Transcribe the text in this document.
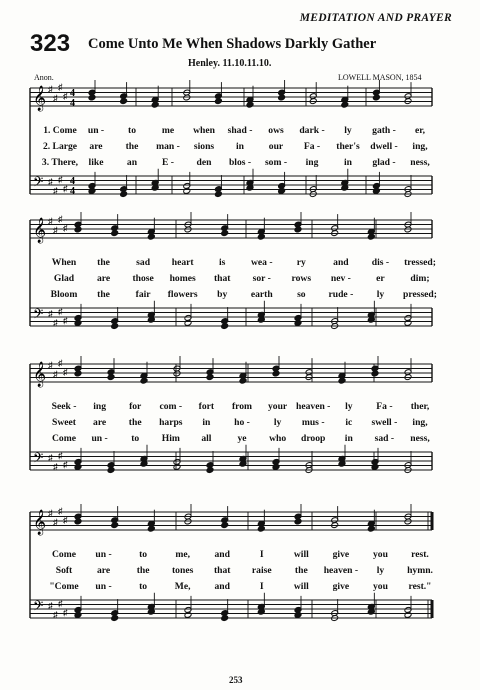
MEDITATION AND PRAYER
323 Come Unto Me When Shadows Darkly Gather
Henley. 11.10.11.10.
Anon.	LOWELL MASON, 1854
𝄞
𝄢
♯
♯
♯
♯
♯
♯
♯
♯
4
4
4
4
1. Come un - to	me when shad - ows dark - ly gath - er,
2. Large are the man - sions in	our Fa - ther's dwell - ing,
3. There, like an	E - den blos - som - ing	in glad - ness,
𝄞
𝄢
♯
♯
♯
♯
♯
♯
♯
♯
When the	sad heart	is	wea -	ry	and dis - tressed;
Glad are those homes that sor - rows nev -	er	dim;
Bloom the	fair flowers by earth	so rude - ly pressed;
𝄞
𝄢
♯
♯
♯
♯
♯
♯
♯
♯
Seek - ing for com - fort from your heaven - ly Fa - ther,
Sweet are the harps in ho - ly mus - ic swell - ing,
Come un - to Him all	ye who droop in sad - ness,
𝄞
𝄢
♯
♯
♯
♯
♯
♯
♯
♯
Come un -	to	me,	and	I	will give you rest.
Soft	are	the tones that raise the heaven - ly hymn.
"Come un -	to	Me, and	I	will give you rest."
253
